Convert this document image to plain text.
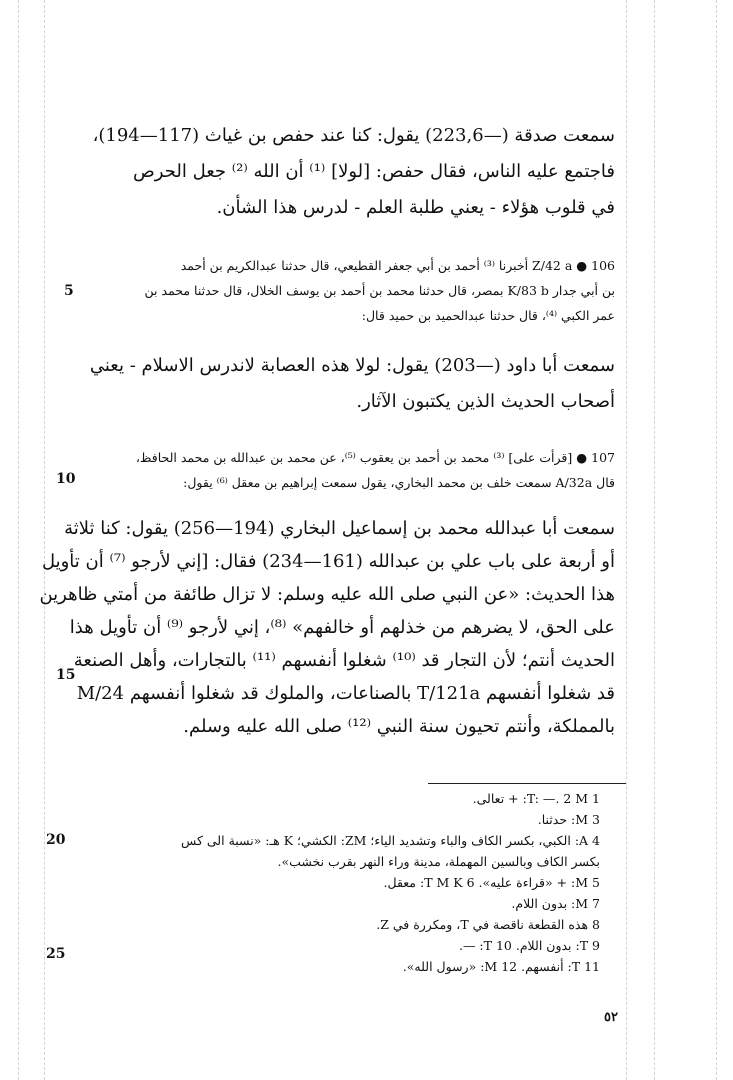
سمعت صدقة (—223,6) يقول: كنا عند حفص بن غياث (117—194)،
فاجتمع عليه الناس، فقال حفص: [لولا] ⁽¹⁾ أن الله ⁽²⁾ جعل الحرص
في قلوب هؤلاء - يعني طلبة العلم - لدرس هذا الشأن.
106 ● Z/42 a أخبرنا ⁽³⁾ أحمد بن أبي جعفر القطيعي، قال حدثنا عبدالكريم بن أحمد
بن أبي جدار K/83 b بمصر، قال حدثنا محمد بن أحمد بن يوسف الخلال، قال حدثنا محمد بن
عمر الكبي ⁽⁴⁾، قال حدثنا عبدالحميد بن حميد قال:
سمعت أبا داود (—203) يقول: لولا هذه العصابة لاندرس الاسلام - يعني
أصحاب الحديث الذين يكتبون الآثار.
107 ● [قرأت على] ⁽³⁾ محمد بن أحمد بن يعقوب ⁽⁵⁾، عن محمد بن عبدالله بن محمد الحافظ،
قال A/32a سمعت خلف بن محمد البخاري، يقول سمعت إبراهيم بن معقل ⁽⁶⁾ يقول:
سمعت أبا عبدالله محمد بن إسماعيل البخاري (194—256) يقول: كنا ثلاثة
أو أربعة على باب علي بن عبدالله (161—234) فقال: [إني لأرجو ⁽⁷⁾ أن تأويل
هذا الحديث: «عن النبي صلى الله عليه وسلم: لا تزال طائفة من أمتي ظاهرين
على الحق، لا يضرهم من خذلهم أو خالفهم» ⁽⁸⁾، إني لأرجو ⁽⁹⁾ أن تأويل هذا
الحديث أنتم؛ لأن التجار قد ⁽¹⁰⁾ شغلوا أنفسهم ⁽¹¹⁾ بالتجارات، وأهل الصنعة
قد شغلوا أنفسهم T/121a بالصناعات، والملوك قد شغلوا أنفسهم M/24
بالمملكة، وأنتم تحيون سنة النبي ⁽¹²⁾ صلى الله عليه وسلم.
1 T: —. 2 M: + تعالى.
3 M: حدثنا.
4 A: الكبي، بكسر الكاف والباء وتشديد الياء؛ ZM: الكشي؛ K هـ: «نسبة الى كس
بكسر الكاف وبالسين المهملة، مدينة وراء النهر بقرب نخشب».
5 M: + «قراءة عليه». 6 T M K: معقل.
7 M: بدون اللام.
8 هذه القطعة ناقصة في T، ومكررة في Z.
9 T: بدون اللام. 10 T: —.
11 T: أنفسهم. 12 M: «رسول الله».
5
10
15
20
25
٥٢
